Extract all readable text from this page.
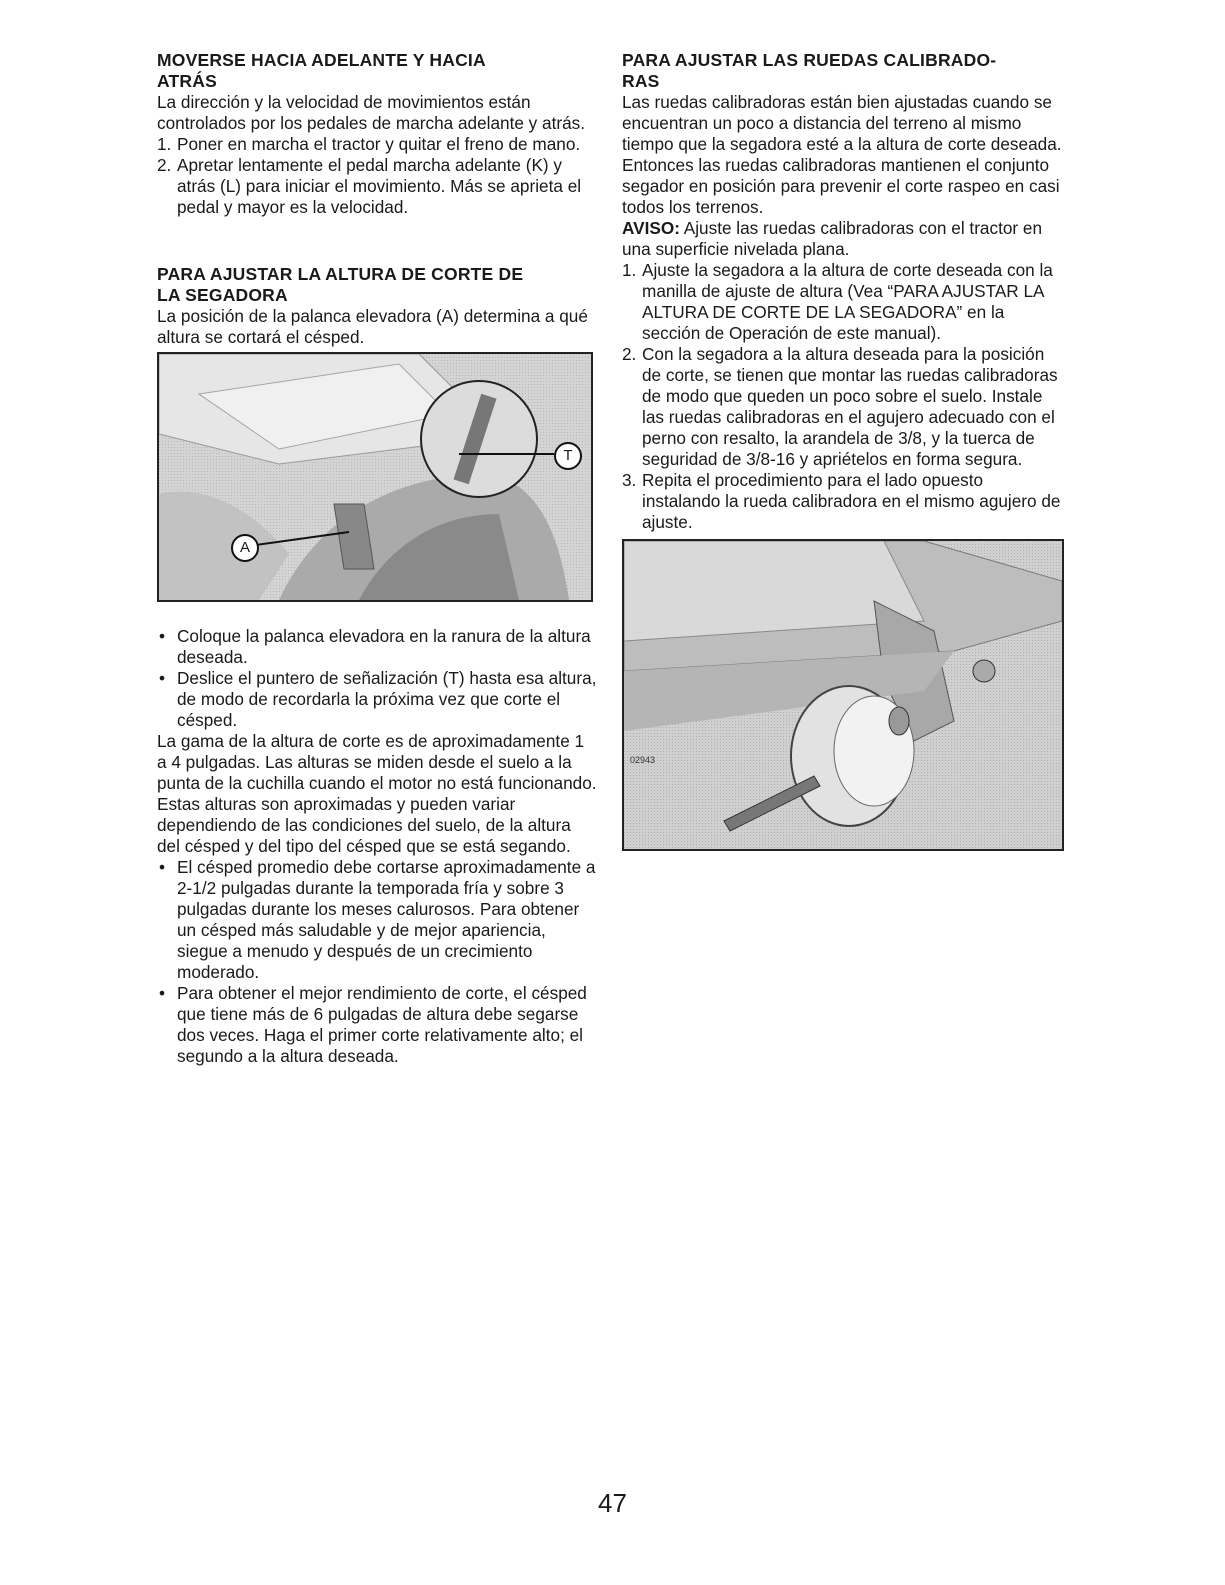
MOVERSE HACIA ADELANTE Y HACIA
ATRÁS

La dirección y la velocidad de movimientos están controlados por los pedales de marcha adelante y atrás.

1. Poner en marcha el tractor y quitar el freno de mano.
2. Apretar lentamente el pedal marcha adelante (K) y atrás (L) para iniciar el movimiento. Más se aprieta el pedal y mayor es la velocidad.
PARA AJUSTAR LA ALTURA DE CORTE DE
LA SEGADORA

La posición de la palanca elevadora (A) determina a qué altura se cortará el césped.

A
T
• Coloque la palanca elevadora en la ranura de la altura deseada.
• Deslice el puntero de señalización (T) hasta esa altura, de modo de recordarla la próxima vez que corte el césped.

La gama de la altura de corte es de aproximadamente 1 a 4 pulgadas. Las alturas se miden desde el suelo a la punta de la cuchilla cuando el motor no está funcionando. Estas alturas son aproximadas y pueden variar dependiendo de las condiciones del suelo, de la altura del césped y del tipo del césped que se está segando.

• El césped promedio debe cortarse aproximadamente a 2-1/2 pulgadas durante la temporada fría y sobre 3 pulgadas durante los meses calurosos. Para obtener un césped más saludable y de mejor apariencia, siegue a menudo y después de un crecimiento moderado.
• Para obtener el mejor rendimiento de corte, el césped que tiene más de 6 pulgadas de altura debe segarse dos veces. Haga el primer corte relativamente alto; el segundo a la altura deseada.
PARA AJUSTAR LAS RUEDAS CALIBRADO-
RAS

Las ruedas calibradoras están bien ajustadas cuando se encuentran un poco a distancia del terreno al mismo tiempo que la segadora esté a la altura de corte deseada. Entonces las ruedas calibradoras mantienen el conjunto segador en posición para prevenir el corte raspeo en casi todos los terrenos.

AVISO: Ajuste las ruedas calibradoras con el tractor en una superficie nivelada plana.

1. Ajuste la segadora a la altura de corte deseada con la manilla de ajuste de altura (Vea “PARA AJUSTAR LA ALTURA DE CORTE DE LA SEGADORA” en la sección de Operación de este manual).
2. Con la segadora a la altura deseada para la posición de corte, se tienen que montar las ruedas calibradoras de modo que queden un poco sobre el suelo. Instale las ruedas calibradoras en el agujero adecuado con el perno con resalto, la arandela de 3/8, y la tuerca de seguridad de 3/8-16 y apriételos en forma segura.
3. Repita el procedimiento para el lado opuesto instalando la rueda calibradora en el mismo agujero de ajuste.
02943
47
